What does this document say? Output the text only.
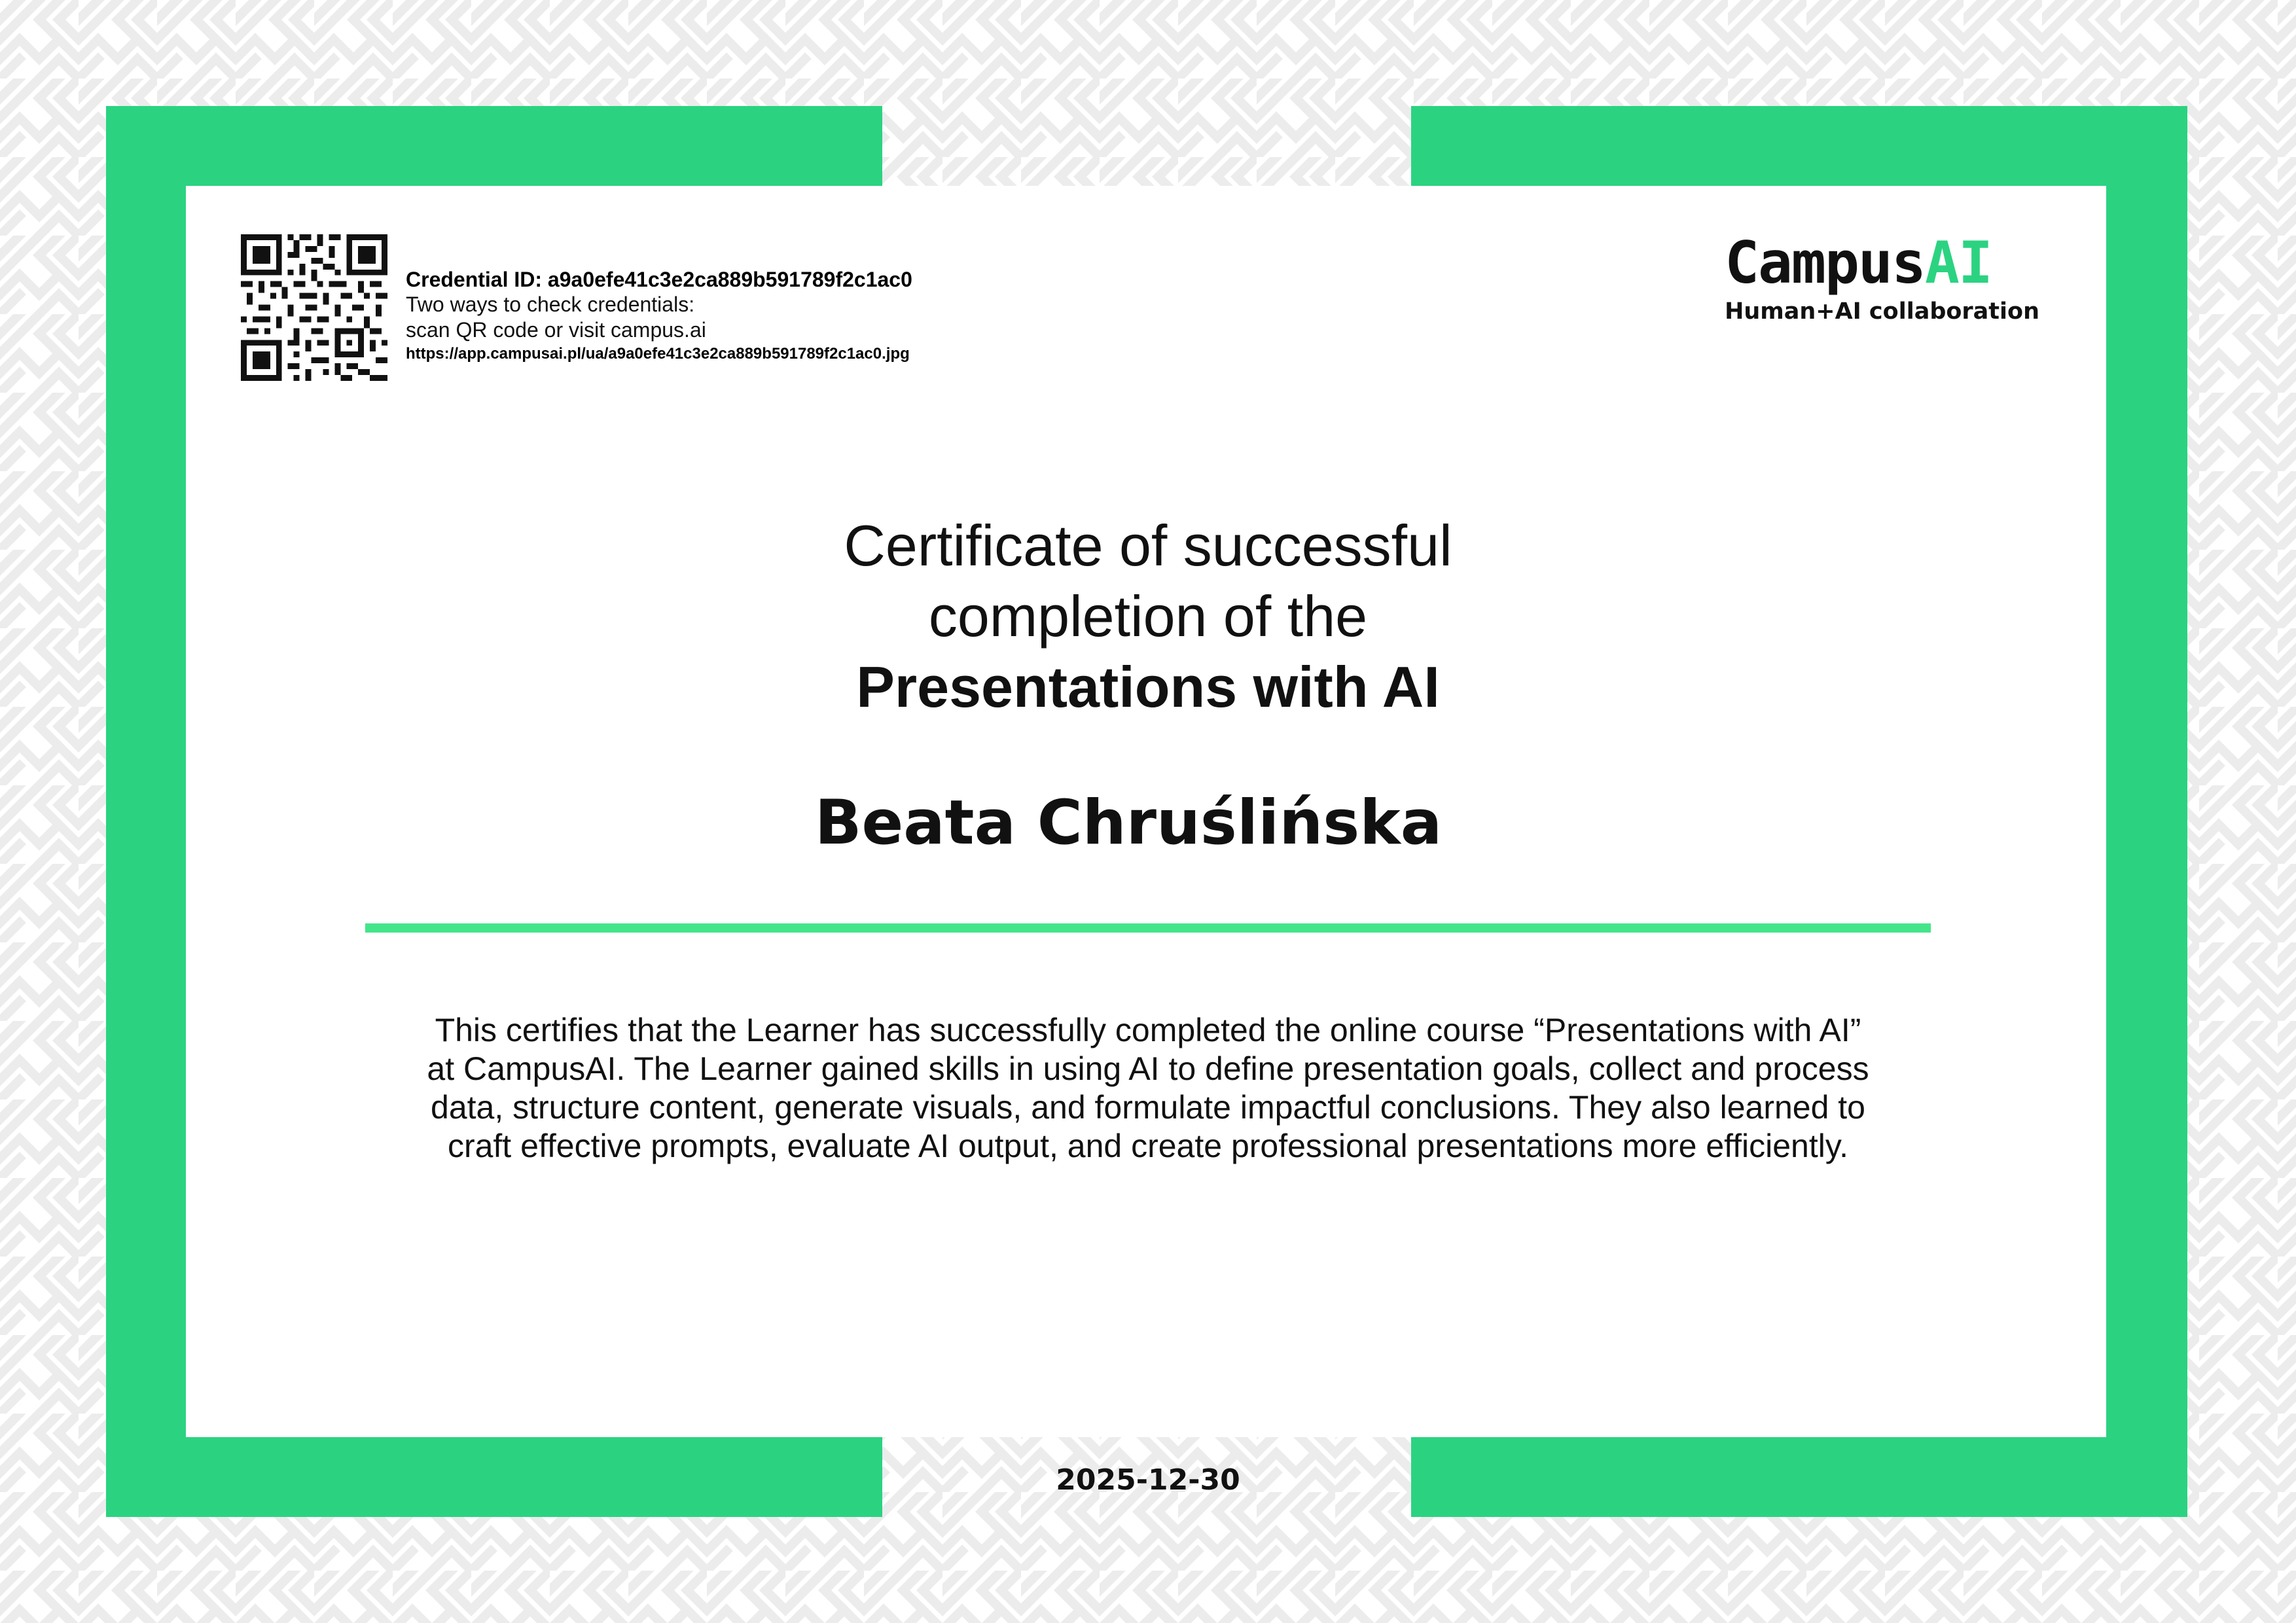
Credential ID: a9a0efe41c3e2ca889b591789f2c1ac0
Two ways to check credentials:
scan QR code or visit campus.ai
https://app.campusai.pl/ua/a9a0efe41c3e2ca889b591789f2c1ac0.jpg
CampusAI
Human+AI collaboration
Certificate of successful
completion of the
Presentations with AI
Beata Chruślińska
This certifies that the Learner has successfully completed the online course “Presentations with AI” at CampusAI. The Learner gained skills in using AI to define presentation goals, collect and process data, structure content, generate visuals, and formulate impactful conclusions. They also learned to craft effective prompts, evaluate AI output, and create professional presentations more efficiently.
2025-12-30
